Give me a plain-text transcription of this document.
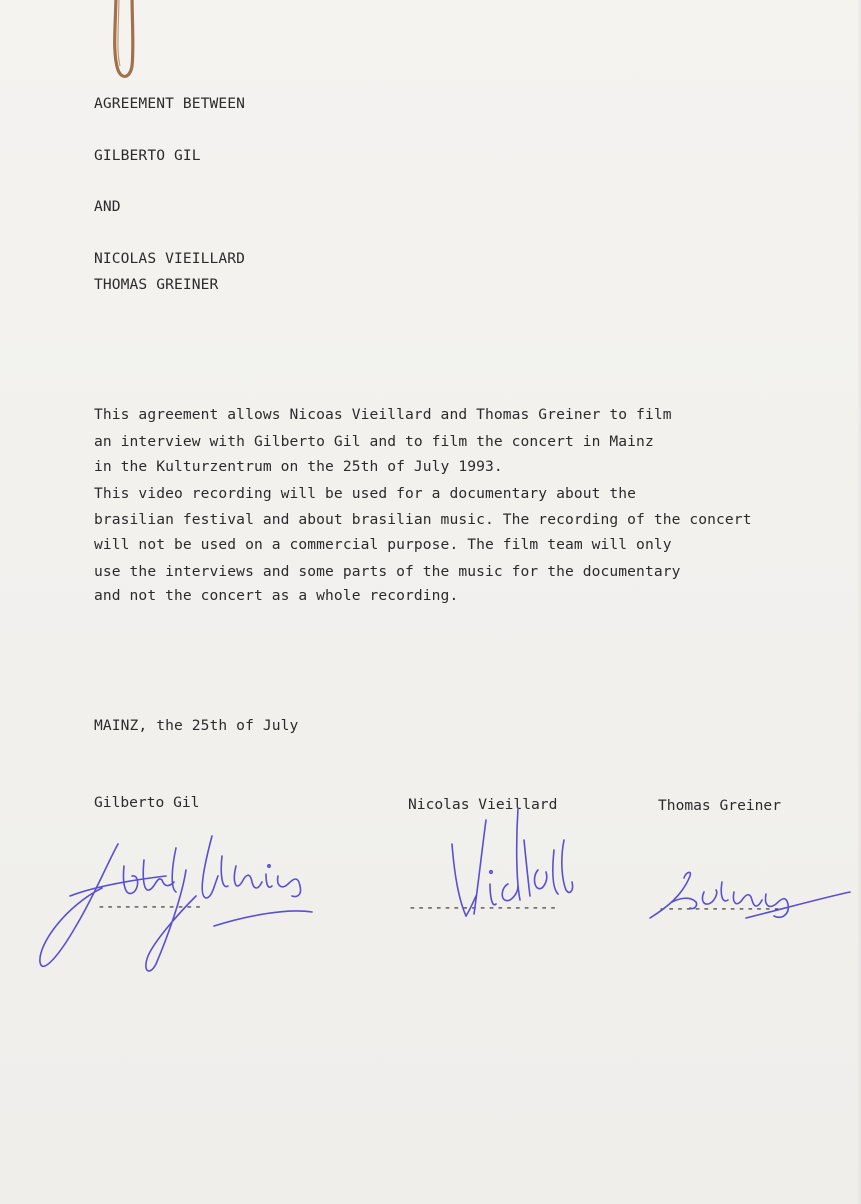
AGREEMENT BETWEEN
GILBERTO GIL
AND
NICOLAS VIEILLARD
THOMAS GREINER
This agreement allows Nicoas Vieillard and Thomas Greiner to film
an interview with Gilberto Gil and to film the concert in Mainz
in the Kulturzentrum on the 25th of July 1993.
This video recording will be used for a documentary about the
brasilian festival and about brasilian music. The recording of the concert
will not be used on a commercial purpose. The film team will only
use the interviews and some parts of the music for the documentary
and not the concert as a whole recording.
MAINZ, the 25th of July
Gilberto Gil	Nicolas Vieillard	Thomas Greiner
------------	-----------------	--------------
